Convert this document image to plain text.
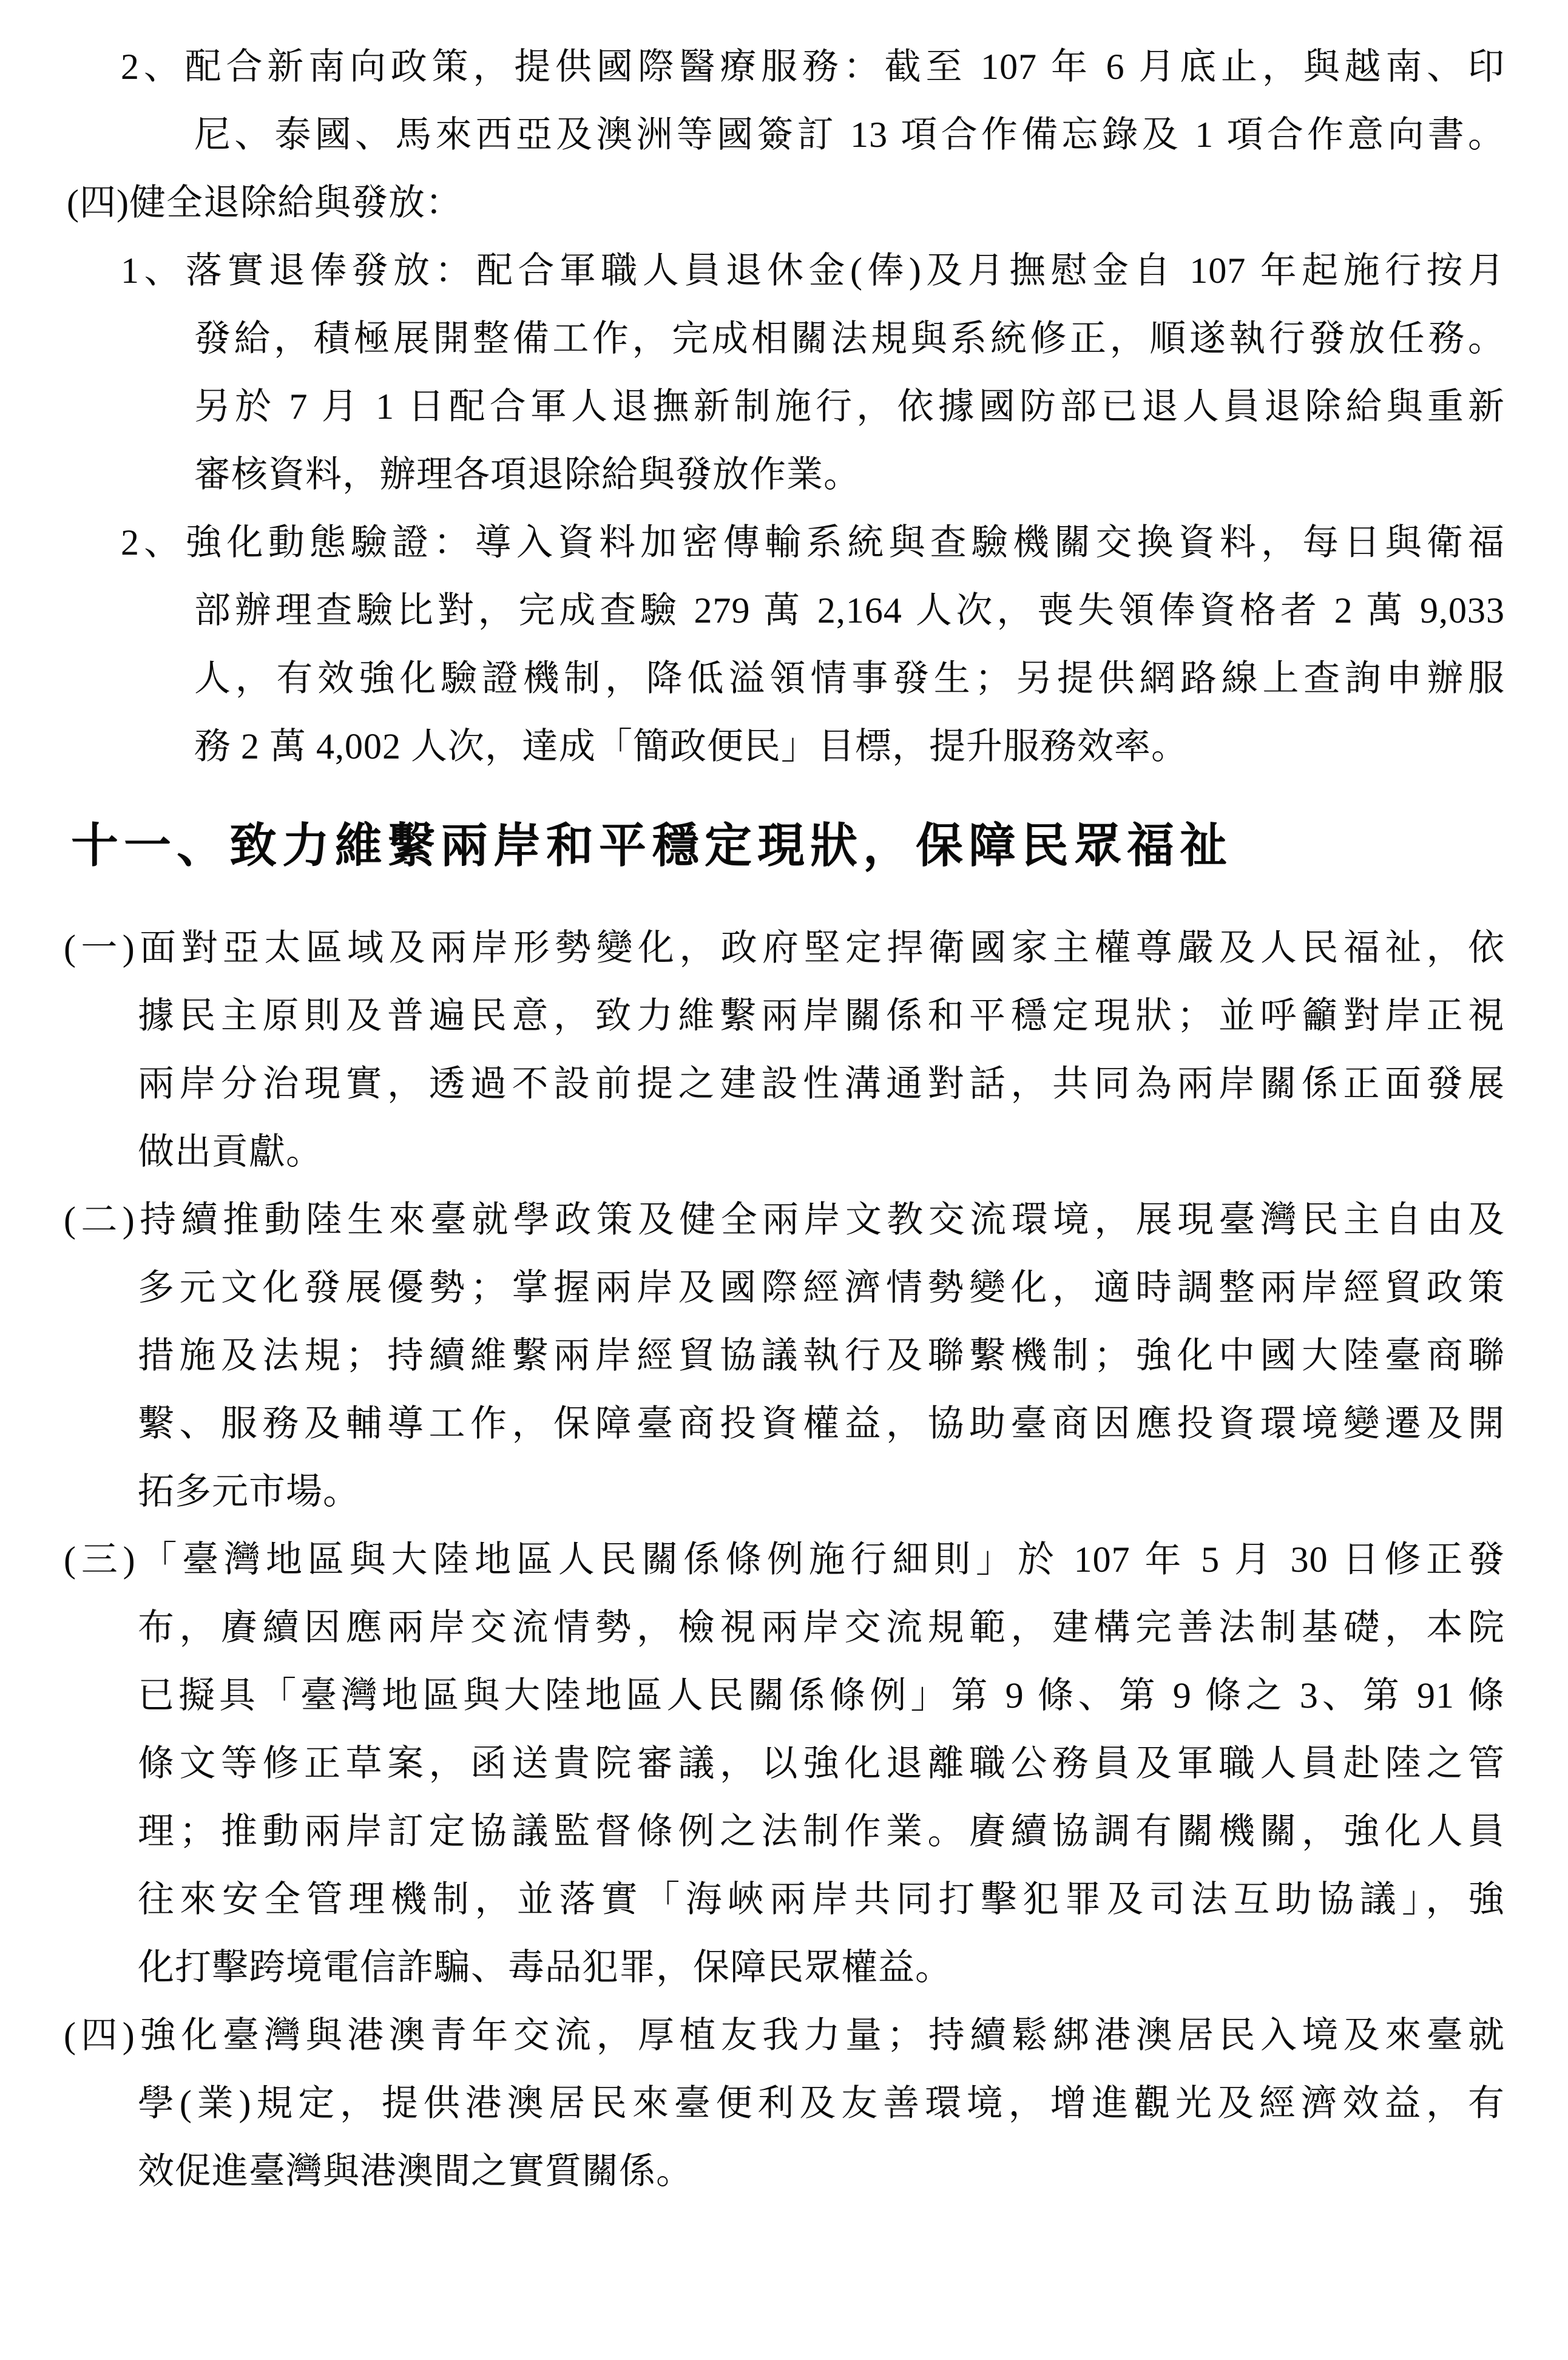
2、配合新南向政策，提供國際醫療服務：截至 107 年 6 月底止，與越南、印
尼、泰國、馬來西亞及澳洲等國簽訂 13 項合作備忘錄及 1 項合作意向書。
(四)健全退除給與發放：
1、落實退俸發放：配合軍職人員退休金(俸)及月撫慰金自 107 年起施行按月
發給，積極展開整備工作，完成相關法規與系統修正，順遂執行發放任務。
另於 7 月 1 日配合軍人退撫新制施行，依據國防部已退人員退除給與重新
審核資料，辦理各項退除給與發放作業。
2、強化動態驗證：導入資料加密傳輸系統與查驗機關交換資料，每日與衛福
部辦理查驗比對，完成查驗 279 萬 2,164 人次，喪失領俸資格者 2 萬 9,033
人，有效強化驗證機制，降低溢領情事發生；另提供網路線上查詢申辦服
務 2 萬 4,002 人次，達成「簡政便民」目標，提升服務效率。
十一、致力維繫兩岸和平穩定現狀，保障民眾福祉
(一)面對亞太區域及兩岸形勢變化，政府堅定捍衛國家主權尊嚴及人民福祉，依
據民主原則及普遍民意，致力維繫兩岸關係和平穩定現狀；並呼籲對岸正視
兩岸分治現實，透過不設前提之建設性溝通對話，共同為兩岸關係正面發展
做出貢獻。
(二)持續推動陸生來臺就學政策及健全兩岸文教交流環境，展現臺灣民主自由及
多元文化發展優勢；掌握兩岸及國際經濟情勢變化，適時調整兩岸經貿政策
措施及法規；持續維繫兩岸經貿協議執行及聯繫機制；強化中國大陸臺商聯
繫、服務及輔導工作，保障臺商投資權益，協助臺商因應投資環境變遷及開
拓多元市場。
(三)「臺灣地區與大陸地區人民關係條例施行細則」於 107 年 5 月 30 日修正發
布，賡續因應兩岸交流情勢，檢視兩岸交流規範，建構完善法制基礎，本院
已擬具「臺灣地區與大陸地區人民關係條例」第 9 條、第 9 條之 3、第 91 條
條文等修正草案，函送貴院審議，以強化退離職公務員及軍職人員赴陸之管
理；推動兩岸訂定協議監督條例之法制作業。賡續協調有關機關，強化人員
往來安全管理機制，並落實「海峽兩岸共同打擊犯罪及司法互助協議」，強
化打擊跨境電信詐騙、毒品犯罪，保障民眾權益。
(四)強化臺灣與港澳青年交流，厚植友我力量；持續鬆綁港澳居民入境及來臺就
學(業)規定，提供港澳居民來臺便利及友善環境，增進觀光及經濟效益，有
效促進臺灣與港澳間之實質關係。
